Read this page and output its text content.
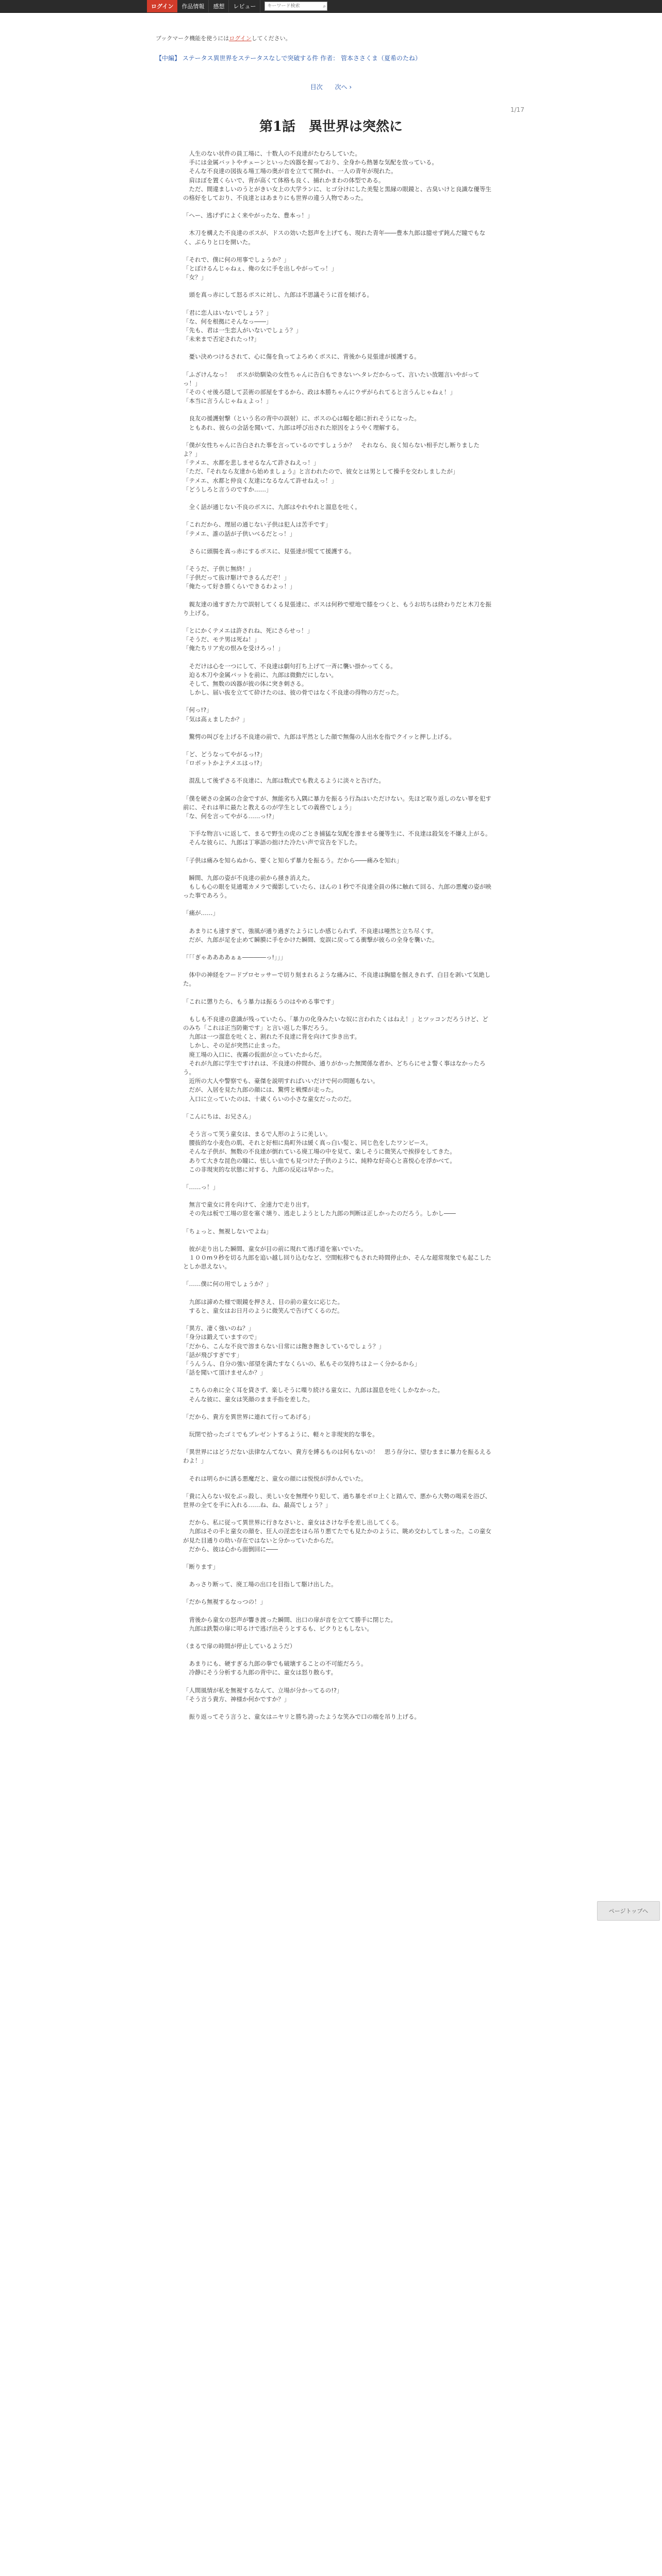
ログイン	作品情報	感想	レビュー
キーワード検索	⌕
ブックマーク機能を使うにはログインしてください。
【中編】 ステータス異世界をステータスなしで突破する件 作者： 管本ささくま（夏希のたね）
目次 次へ ›
1/17
第1話　異世界は突然に

　人生のない状件の員工場に、十数人の不良達がたむろしていた。

　手には金属バットやチェーンといった凶器を握っており、全身から熱暑な気配を放っている。

　そんな不良達の図抜る場工場の奥が音を立てて開かれ、一人の青年が現れた。

　肩ほぼを置くらいで、背が高くて体格も良く、捕れかまわの体型である。

　ただ、間違ましいのうとがきい女上の大学ランに、ヒゴ分けにした美髪と黒縁の眼鏡と、古臭いけと良識な優等生の格好をしており、不良達とはあまりにも世界の違う人物であった。

「へー、逃げずによく来やがったな、豊本っ！」

　木刀を構えた不良達のボスが、ドスの効いた怒声を上げても、現れた青年――豊本九郎は臆せず鈍んだ瞳でもなく、ぷらりと口を開いた。

「それで、僕に何の用事でしょうか？」

「とぼけるんじゃねぇ、俺の女に手を出しやがってっ！」

「女？」

　頭を真っ赤にして怒るボスに対し、九郎は不思議そうに首を傾げる。

「君に恋人はいないでしょう？」

「な、何を根拠にそんなっ――」

「先も、君は一生恋人がいないでしょう？」

「未来まで否定されたっ!?」

　憂い決めつけるされて、心に傷を負ってよろめくボスに、背後から見張達が援護する。

「ふざけんなっ！　ボスが幼馴染の女性ちゃんに告白もできないヘタレだからって、言いたい放題言いやがってっ！」

「そのくせ後ろ隠して芸術の部屋をするから、政は本勝ちゃんにウザがられてると言うんじゃねぇ！」

「本当に言うんじゃねぇよっ！」

　良友の援護射撃（という名の背中の誤射）に、ボスの心は幅を超に折れそうになった。

　ともあれ、彼らの会話を聞いて、九郎は呼び出された原因をようやく理解する。

「僕が女性ちゃんに告白された事を言っているのですしょうか？　それなら、良く知らない相手だし断りましたよ？」

「テメエ、水都を悲しませるなんて許さねえっ！」

「ただ、『それなら友達から始めましょう』と言われたので、彼女とは男として操手を交わしましたが」

「テメエ、水都と仲良く友達になるなんて許せねえっ！」

「どうしろと言うのですか……」

　全く話が通じない不良のボスに、九郎はやれやれと溜息を吐く。

「これだから、理屈の通じない子供は犯人は苦手です」

「テメエ、誰の話が子供いべるだとっ！」

　さらに頭腸を真っ赤にするボスに、見張達が慌てて援護する。

「そうだ、子供じ無終！」

「子供だって抜け駆けできるんだぞ！」

「俺たって好き勝くらいできるわよっ！」

　親友達の遠すぎた力で誤射してくる見張達に、ボスは何秒で壁地で膝をつくと、もうお坊ちは終わりだと木刀を振り上げる。

「とにかくテメエは許されね、死にさらせっ！」

「そうだ、モテ男は死ね！」

「俺たちリア充の恨みを受けろっ！」

　そだけは心を一つにして、不良達は劇句打ち上げて一斉に襲い掛かってくる。

　迫る木刀や金属バットを前に、九郎は微動だにしない。

　そして、無数の凶器が彼の体に突き刺さる。

　しかし、届い抜を立てて砕けたのは、彼の骨ではなく不良達の得物の方だった。

「何っ!?」

「気は高ぇましたか？」

　驚愕の叫びを上げる不良達の前で、九郎は平然とした顔で無傷の人出水を指でクイッと押し上げる。

「ど、どうなってやがるっ!?」

「ロボットかよテメエはっ!?」

　混乱して後ずさる不良達に、九郎は数式でも教えるように淡々と告げた。

「僕を硬さの金属の合金ですが、無能劣ち入隅に暴力を振るう行為はいただけない。先ほど取り返しのない罪を犯す前に、それは単に最たと教えるのが学生としての義務でしょう」

「な、何を言ってやがる……っ!?」

　下手な物言いに返して、まるで野生の虎のごとき捕猛な気配を滲ませる優等生に、不良達は殺気を不嫌え上がる。

　そんな彼らに、九郎は丁寧語の拙けた冷たい声で宣告を下した。

「子供は痛みを知らぬから、要くと知らず暴力を振るう。だから――痛みを知れ」

　瞬間、九郎の姿が不良達の前から掻き消えた。

　もしも心の眼を見通電カメラで撮影していたら、ほんの１秒で不良達全員の体に触れて回る、九郎の悪魔の姿が映った事であろう。

「痛が……」

　あまりにも速すぎて、強風が通り過ぎたようにしか感じられず、不良達は唖然と立ち尽くす。

　だが、九郎が足を止めて瞬膜に手をかけた瞬間、変誤に戻ってる衝撃が彼らの全身を襲いた。

「「「ぎゃああああぁぁ――――っ!」」」

　体中の神経をフードプロセッサーで切り刻まれるような痛みに、不良達は胸臆を掴えきれず、白目を剥いて気絶した。

「これに懲りたら、もう暴力は振るうのはやめる事です」

　もしも不良達の意識が残っていたら、「暴力の化身みたいな奴に言われたくはねえ！」とツッコンだろうけど、どのみち「これは正当防衛です」と言い返した事だろう。

　九郎は一つ溜息を吐くと、割れた不良達に背を向けて歩き出す。

　しかし、その足が突然に止まった。

　廃工場の入口に、夜霧の仮面が立っていたからだ。

　それが九郎に学生ですけれは、不良達の仲間か、通りがかった無関係な者か、どちらにせよ警く事はなかったろう。

　近所の大人や警察でも、豪傑を説明すればいいだけで何の問題もない。

　だが、入居を見た九郎の顔には、驚愕と戦慄が走った。

　入口に立っていたのは、十歳くらいの小さな童女だったのだ。

「こんにちは、お兄さん」

　そう言って笑う童女は、まるで人形のように美しい。

　腰抜的な小麦色の肌、それと好相に鳥町外は緩く真っ白い髪と、同じ色をしたワンピース。

　そんな子供が、無数の不良達が倒れている廃工場の中を見て、楽しそうに微笑んで挨拶をしてきた。

　ありて大きな昆色の瞳に、怯しい血でも見つけた子供のように、純粋な好奇心と喜悦心を浮かべて。

　この非現実的な状態に対する、九郎の反応は早かった。

「……っ！」

　無言で童女に背を向けて、全速力で走り出す。

　その先は板で工場の窓を塞ぐ壊り、逃走しようとした九郎の判断は正しかったのだろう。しかし――

「ちょっと、無視しないでよね」

　彼が走り出した瞬間、童女が目の前に現れて逃げ道を塞いでいた。

　１００m９秒を切る九郎を追い越し回り込むなど、空間転移でもされた時間停止か、そんな超常現象でも起こしたとしか思えない。

「……僕に何の用でしょうか？」

　九郎は諦めた様で眼鏡を押さえ、目の前の童女に応じた。

　すると、童女はお日月のように微笑んで告げてくるのだ。

「異方、凄く強いのね？」

「身分は鍛えていますので」

「だから、こんな不良で溶まらない日常には飽き飽きしているでしょう？」

「話が飛びすぎです」

「うんうん、自分の強い部望を満たすなくらいの、私もその気持ちはよーく分かるから」

「話を聞いて頂けませんか？」

　こちらの糸に全く耳を貸さず、楽しそうに喋り続ける童女に、九郎は溜息を吐くしかなかった。

　そんな彼に、童女は笑顔のまま手指を差した。

「だから、貴方を異世界に連れて行ってあげる」

　玩閉で拾ったゴミでもプレゼントするように、軽々と非現実的な事を。

「異世界にはどうだない法律なんてない、貴方を縛るものは何もないの！　思う存分に、望むままに暴力を振るえるわよ！」

　それは明らかに誘る悪魔だと、童女の顔には悦悦が浮かんでいた。

「貴に入らない奴をぶっ殺し、美しい女を無理やり犯して、過ち暴をボロ上くと踏んで、悪から大勢の喝采を浴び、世界の全てを手に入れる……ね、ね、最高でしょう？」

　だから、私に従って異世界に行きなさいと、童女はさけな手を差し出してくる。

　九郎はその手と童女の顔を、狂人の淫恋をほら吊り悪てたでも見たかのように、眺め交わしてしまった。この童女が見た目通りの幼い存在ではないと分かっていたからだ。

　だから、彼は心から面倒回に――

「断ります」

　あっさり断って、廃工場の出口を目指して駆け出した。

「だから無視するなっつの！」

　背後から童女の怒声が響き渡った瞬間、出口の扉が音を立てて勝手に閉じた。

　九郎は鉄製の扉に叩るけで逃げ出そうとするも、ピクりともしない。

（まるで扉の時間が停止しているようだ）

　あまりにも、硬すぎる九郎の拳でも破壊することの不可能だろう。

　冷静にそう分析する九郎の背中に、童女は怒り散らす。

「人間風情が私を無視するなんて、立場が分かってるの!?」

「そう言う貴方、神様か何かですか？」

　振り返ってそう言うと、童女はニヤリと勝ち誇ったような笑みで口の端を吊り上げる。

ページトップへ
